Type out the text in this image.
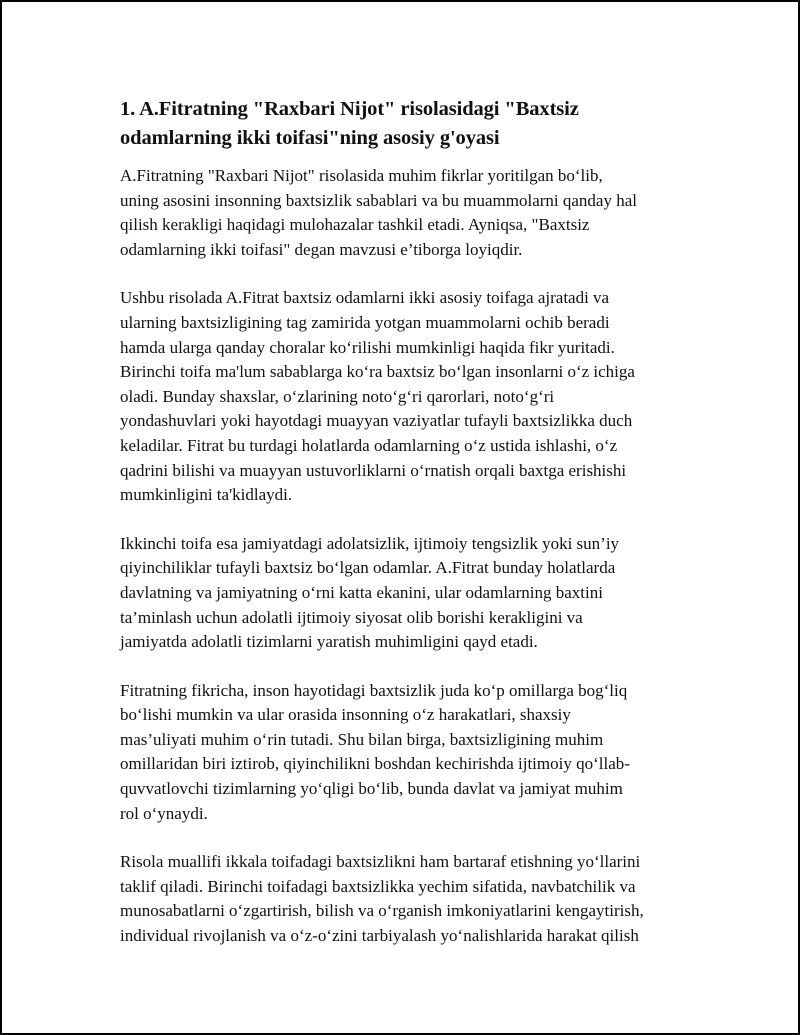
1. A.Fitratning "Raxbari Nijot" risolasidagi "Baxtsiz odamlarning ikki toifasi"ning asosiy g'oyasi

A.Fitratning "Raxbari Nijot" risolasida muhim fikrlar yoritilgan bo‘lib,
uning asosini insonning baxtsizlik sabablari va bu muammolarni qanday hal
qilish kerakligi haqidagi mulohazalar tashkil etadi. Ayniqsa, "Baxtsiz
odamlarning ikki toifasi" degan mavzusi e’tiborga loyiqdir.

Ushbu risolada A.Fitrat baxtsiz odamlarni ikki asosiy toifaga ajratadi va
ularning baxtsizligining tag zamirida yotgan muammolarni ochib beradi
hamda ularga qanday choralar ko‘rilishi mumkinligi haqida fikr yuritadi.
Birinchi toifa ma'lum sabablarga ko‘ra baxtsiz bo‘lgan insonlarni o‘z ichiga
oladi. Bunday shaxslar, o‘zlarining noto‘g‘ri qarorlari, noto‘g‘ri
yondashuvlari yoki hayotdagi muayyan vaziyatlar tufayli baxtsizlikka duch
keladilar. Fitrat bu turdagi holatlarda odamlarning o‘z ustida ishlashi, o‘z
qadrini bilishi va muayyan ustuvorliklarni o‘rnatish orqali baxtga erishishi
mumkinligini ta'kidlaydi.

Ikkinchi toifa esa jamiyatdagi adolatsizlik, ijtimoiy tengsizlik yoki sun’iy
qiyinchiliklar tufayli baxtsiz bo‘lgan odamlar. A.Fitrat bunday holatlarda
davlatning va jamiyatning o‘rni katta ekanini, ular odamlarning baxtini
ta’minlash uchun adolatli ijtimoiy siyosat olib borishi kerakligini va
jamiyatda adolatli tizimlarni yaratish muhimligini qayd etadi.

Fitratning fikricha, inson hayotidagi baxtsizlik juda ko‘p omillarga bog‘liq
bo‘lishi mumkin va ular orasida insonning o‘z harakatlari, shaxsiy
mas’uliyati muhim o‘rin tutadi. Shu bilan birga, baxtsizligining muhim
omillaridan biri iztirob, qiyinchilikni boshdan kechirishda ijtimoiy qo‘llab-
quvvatlovchi tizimlarning yo‘qligi bo‘lib, bunda davlat va jamiyat muhim
rol o‘ynaydi.

Risola muallifi ikkala toifadagi baxtsizlikni ham bartaraf etishning yo‘llarini
taklif qiladi. Birinchi toifadagi baxtsizlikka yechim sifatida, navbatchilik va
munosabatlarni o‘zgartirish, bilish va o‘rganish imkoniyatlarini kengaytirish,
individual rivojlanish va o‘z-o‘zini tarbiyalash yo‘nalishlarida harakat qilish
